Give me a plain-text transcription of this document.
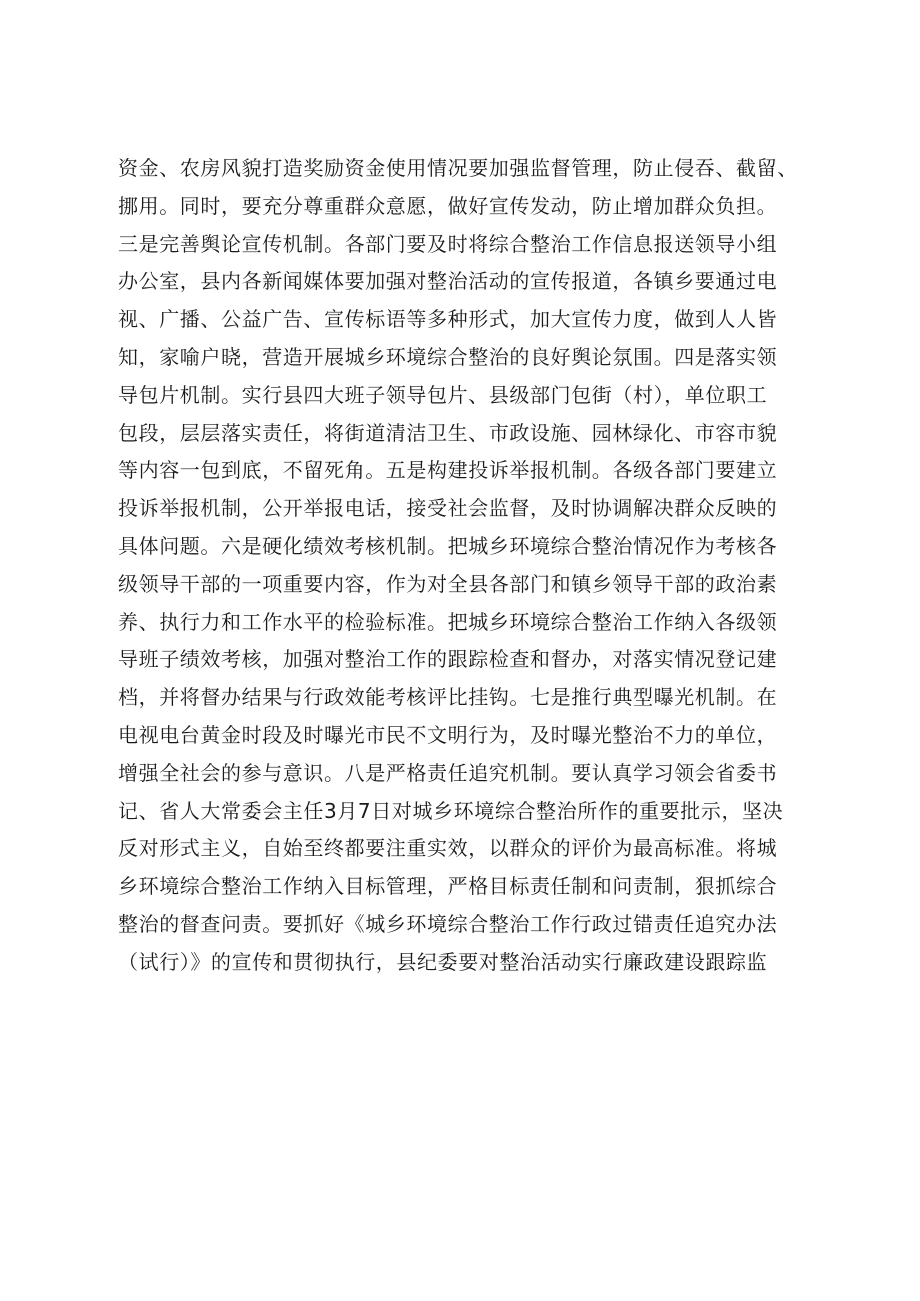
资金、农房风貌打造奖励资金使用情况要加强监督管理，防止侵吞、截留、
挪用。同时，要充分尊重群众意愿，做好宣传发动，防止增加群众负担。
三是完善舆论宣传机制。各部门要及时将综合整治工作信息报送领导小组
办公室，县内各新闻媒体要加强对整治活动的宣传报道，各镇乡要通过电
视、广播、公益广告、宣传标语等多种形式，加大宣传力度，做到人人皆
知，家喻户晓，营造开展城乡环境综合整治的良好舆论氛围。四是落实领
导包片机制。实行县四大班子领导包片、县级部门包街（村），单位职工
包段，层层落实责任，将街道清洁卫生、市政设施、园林绿化、市容市貌
等内容一包到底，不留死角。五是构建投诉举报机制。各级各部门要建立
投诉举报机制，公开举报电话，接受社会监督，及时协调解决群众反映的
具体问题。六是硬化绩效考核机制。把城乡环境综合整治情况作为考核各
级领导干部的一项重要内容，作为对全县各部门和镇乡领导干部的政治素
养、执行力和工作水平的检验标准。把城乡环境综合整治工作纳入各级领
导班子绩效考核，加强对整治工作的跟踪检查和督办，对落实情况登记建
档，并将督办结果与行政效能考核评比挂钩。七是推行典型曝光机制。在
电视电台黄金时段及时曝光市民不文明行为，及时曝光整治不力的单位，
增强全社会的参与意识。八是严格责任追究机制。要认真学习领会省委书
记、省人大常委会主任3月7日对城乡环境综合整治所作的重要批示，坚决
反对形式主义，自始至终都要注重实效，以群众的评价为最高标准。将城
乡环境综合整治工作纳入目标管理，严格目标责任制和问责制，狠抓综合
整治的督查问责。要抓好《城乡环境综合整治工作行政过错责任追究办法
（试行）》的宣传和贯彻执行，县纪委要对整治活动实行廉政建设跟踪监
